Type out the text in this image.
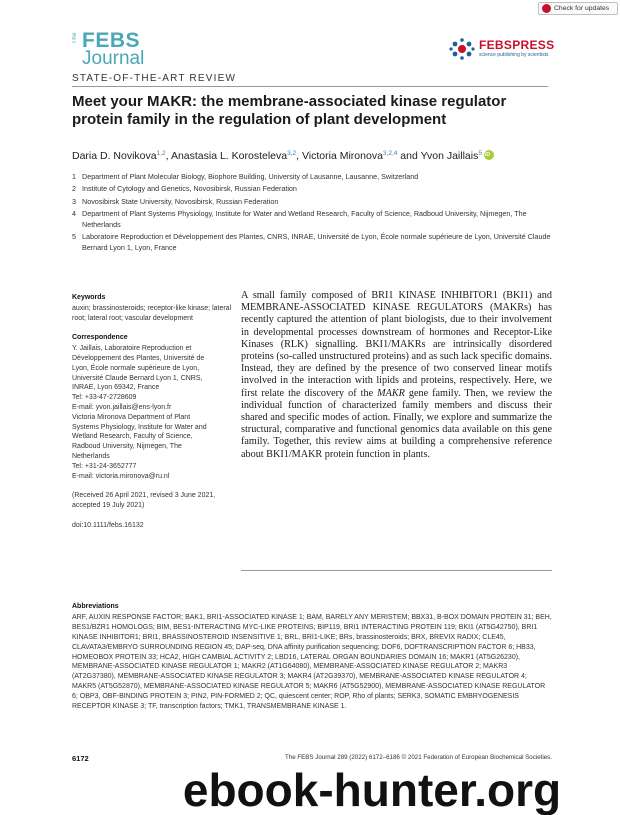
Check for updates
The FEBS
Journal
FEBSPRESS
science publishing by scientists
STATE-OF-THE-ART REVIEW
Meet your MAKR: the membrane-associated kinase regulator protein family in the regulation of plant development
Daria D. Novikova$^{1,2}$, Anastasia L. Korosteleva$^{3,2}$, Victoria Mironova$^{3,2,4}$ and Yvon Jaillais$^5$iD
1 Department of Plant Molecular Biology, Biophore Building, University of Lausanne, Lausanne, Switzerland
2 Institute of Cytology and Genetics, Novosibirsk, Russian Federation
3 Novosibirsk State University, Novosibirsk, Russian Federation
4 Department of Plant Systems Physiology, Institute for Water and Wetland Research, Faculty of Science, Radboud University, Nijmegen, The Netherlands
5 Laboratoire Reproduction et Développement des Plantes, CNRS, INRAE, Université de Lyon, École normale supérieure de Lyon, Université Claude Bernard Lyon 1, Lyon, France
Keywords
auxin; brassinosteroids; receptor-like kinase; lateral root; lateral root; vascular development
Correspondence
Y. Jaillais, Laboratoire Reproduction et
Développement des Plantes, Université de
Lyon, École normale supérieure de Lyon,
Université Claude Bernard Lyon 1, CNRS,
INRAE, Lyon 69342, France
Tel: +33-47-2728609
E-mail: yvon.jaillais@ens-lyon.fr
Victoria Mironova Department of Plant
Systems Physiology, Institute for Water and
Wetland Research, Faculty of Science,
Radboud University, Nijmegen, The
Netherlands
Tel: +31-24-3652777
E-mail: victoria.mironova@ru.nl
(Received 26 April 2021, revised 3 June 2021, accepted 19 July 2021)
doi:10.1111/febs.16132

A small family composed of BRI1 KINASE INHIBITOR1 (BKI1) and MEMBRANE-ASSOCIATED KINASE REGULATORS (MAKRs) has recently captured the attention of plant biologists, due to their involvement in developmental processes downstream of hormones and Receptor-Like Kinases (RLK) signalling. BKI1/MAKRs are intrinsically disordered proteins (so-called unstructured proteins) and as such lack specific domains. Instead, they are defined by the presence of two conserved linear motifs involved in the interaction with lipids and proteins, respectively. Here, we first relate the discovery of the MAKR gene family. Then, we review the individual function of characterized family members and discuss their shared and specific modes of action. Finally, we explore and summarize the structural, comparative and functional genomics data available on this gene family. Together, this review aims at building a comprehensive reference about BKI1/MAKR protein function in plants.

Abbreviations

ARF, AUXIN RESPONSE FACTOR; BAK1, BRI1-ASSOCIATED KINASE 1; BAM, BARELY ANY MERISTEM; BBX31, B-BOX DOMAIN PROTEIN 31; BEH, BES1/BZR1 HOMOLOGS; BIM, BES1-INTERACTING MYC-LIKE PROTEINS; BIP119, BRI1 INTERACTING PROTEIN 119; BKI1 (AT5G42750), BRI1 KINASE INHIBITOR1; BRI1, BRASSINOSTEROID INSENSITIVE 1; BRL, BRI1-LIKE; BRs, brassinosteroids; BRX, BREVIX RADIX; CLE45, CLAVATA3/EMBRYO SURROUNDING REGION 45; DAP-seq, DNA affinity purification sequencing; DOF6, DOFTRANSCRIPTION FACTOR 6; HB33, HOMEOBOX PROTEIN 33; HCA2, HIGH CAMBIAL ACTIVITY 2; LBD16, LATERAL ORGAN BOUNDARIES DOMAIN 16; MAKR1 (AT5G26230), MEMBRANE-ASSOCIATED KINASE REGULATOR 1; MAKR2 (AT1G64080), MEMBRANE-ASSOCIATED KINASE REGULATOR 2; MAKR3 (AT2G37380), MEMBRANE-ASSOCIATED KINASE REGULATOR 3; MAKR4 (AT2G39370), MEMBRANE-ASSOCIATED KINASE REGULATOR 4; MAKR5 (AT5G52870), MEMBRANE-ASSOCIATED KINASE REGULATOR 5; MAKR6 (AT5G52900), MEMBRANE-ASSOCIATED KINASE REGULATOR 6; OBP3, OBF-BINDING PROTEIN 3; PIN2, PIN-FORMED 2; QC, quiescent center; ROP, Rho of plants; SERK3, SOMATIC EMBRYOGENESIS RECEPTOR KINASE 3; TF, transcription factors; TMK1, TRANSMEMBRANE KINASE 1.

6172	The FEBS Journal 289 (2022) 6172–6186 © 2021 Federation of European Biochemical Societies.
ebook-hunter.org
